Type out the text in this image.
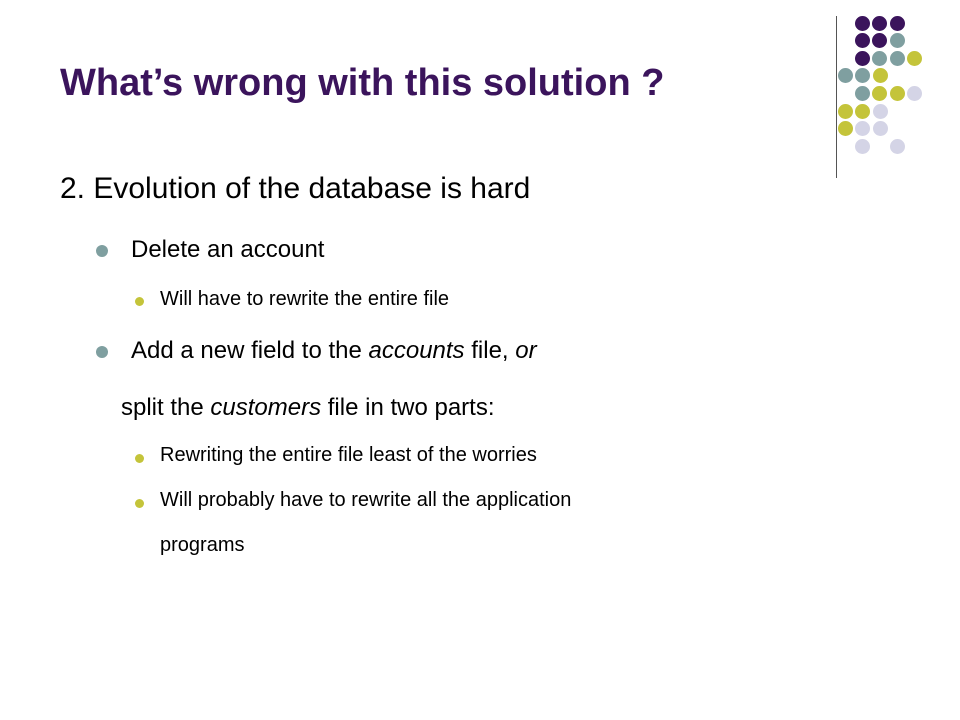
What’s wrong with this solution ?
2. Evolution of the database is hard
Delete an account
Will have to rewrite the entire file
Add a new field to the accounts file, or
split the customers file in two parts:
Rewriting the entire file least of the worries
Will probably have to rewrite all the application
programs
